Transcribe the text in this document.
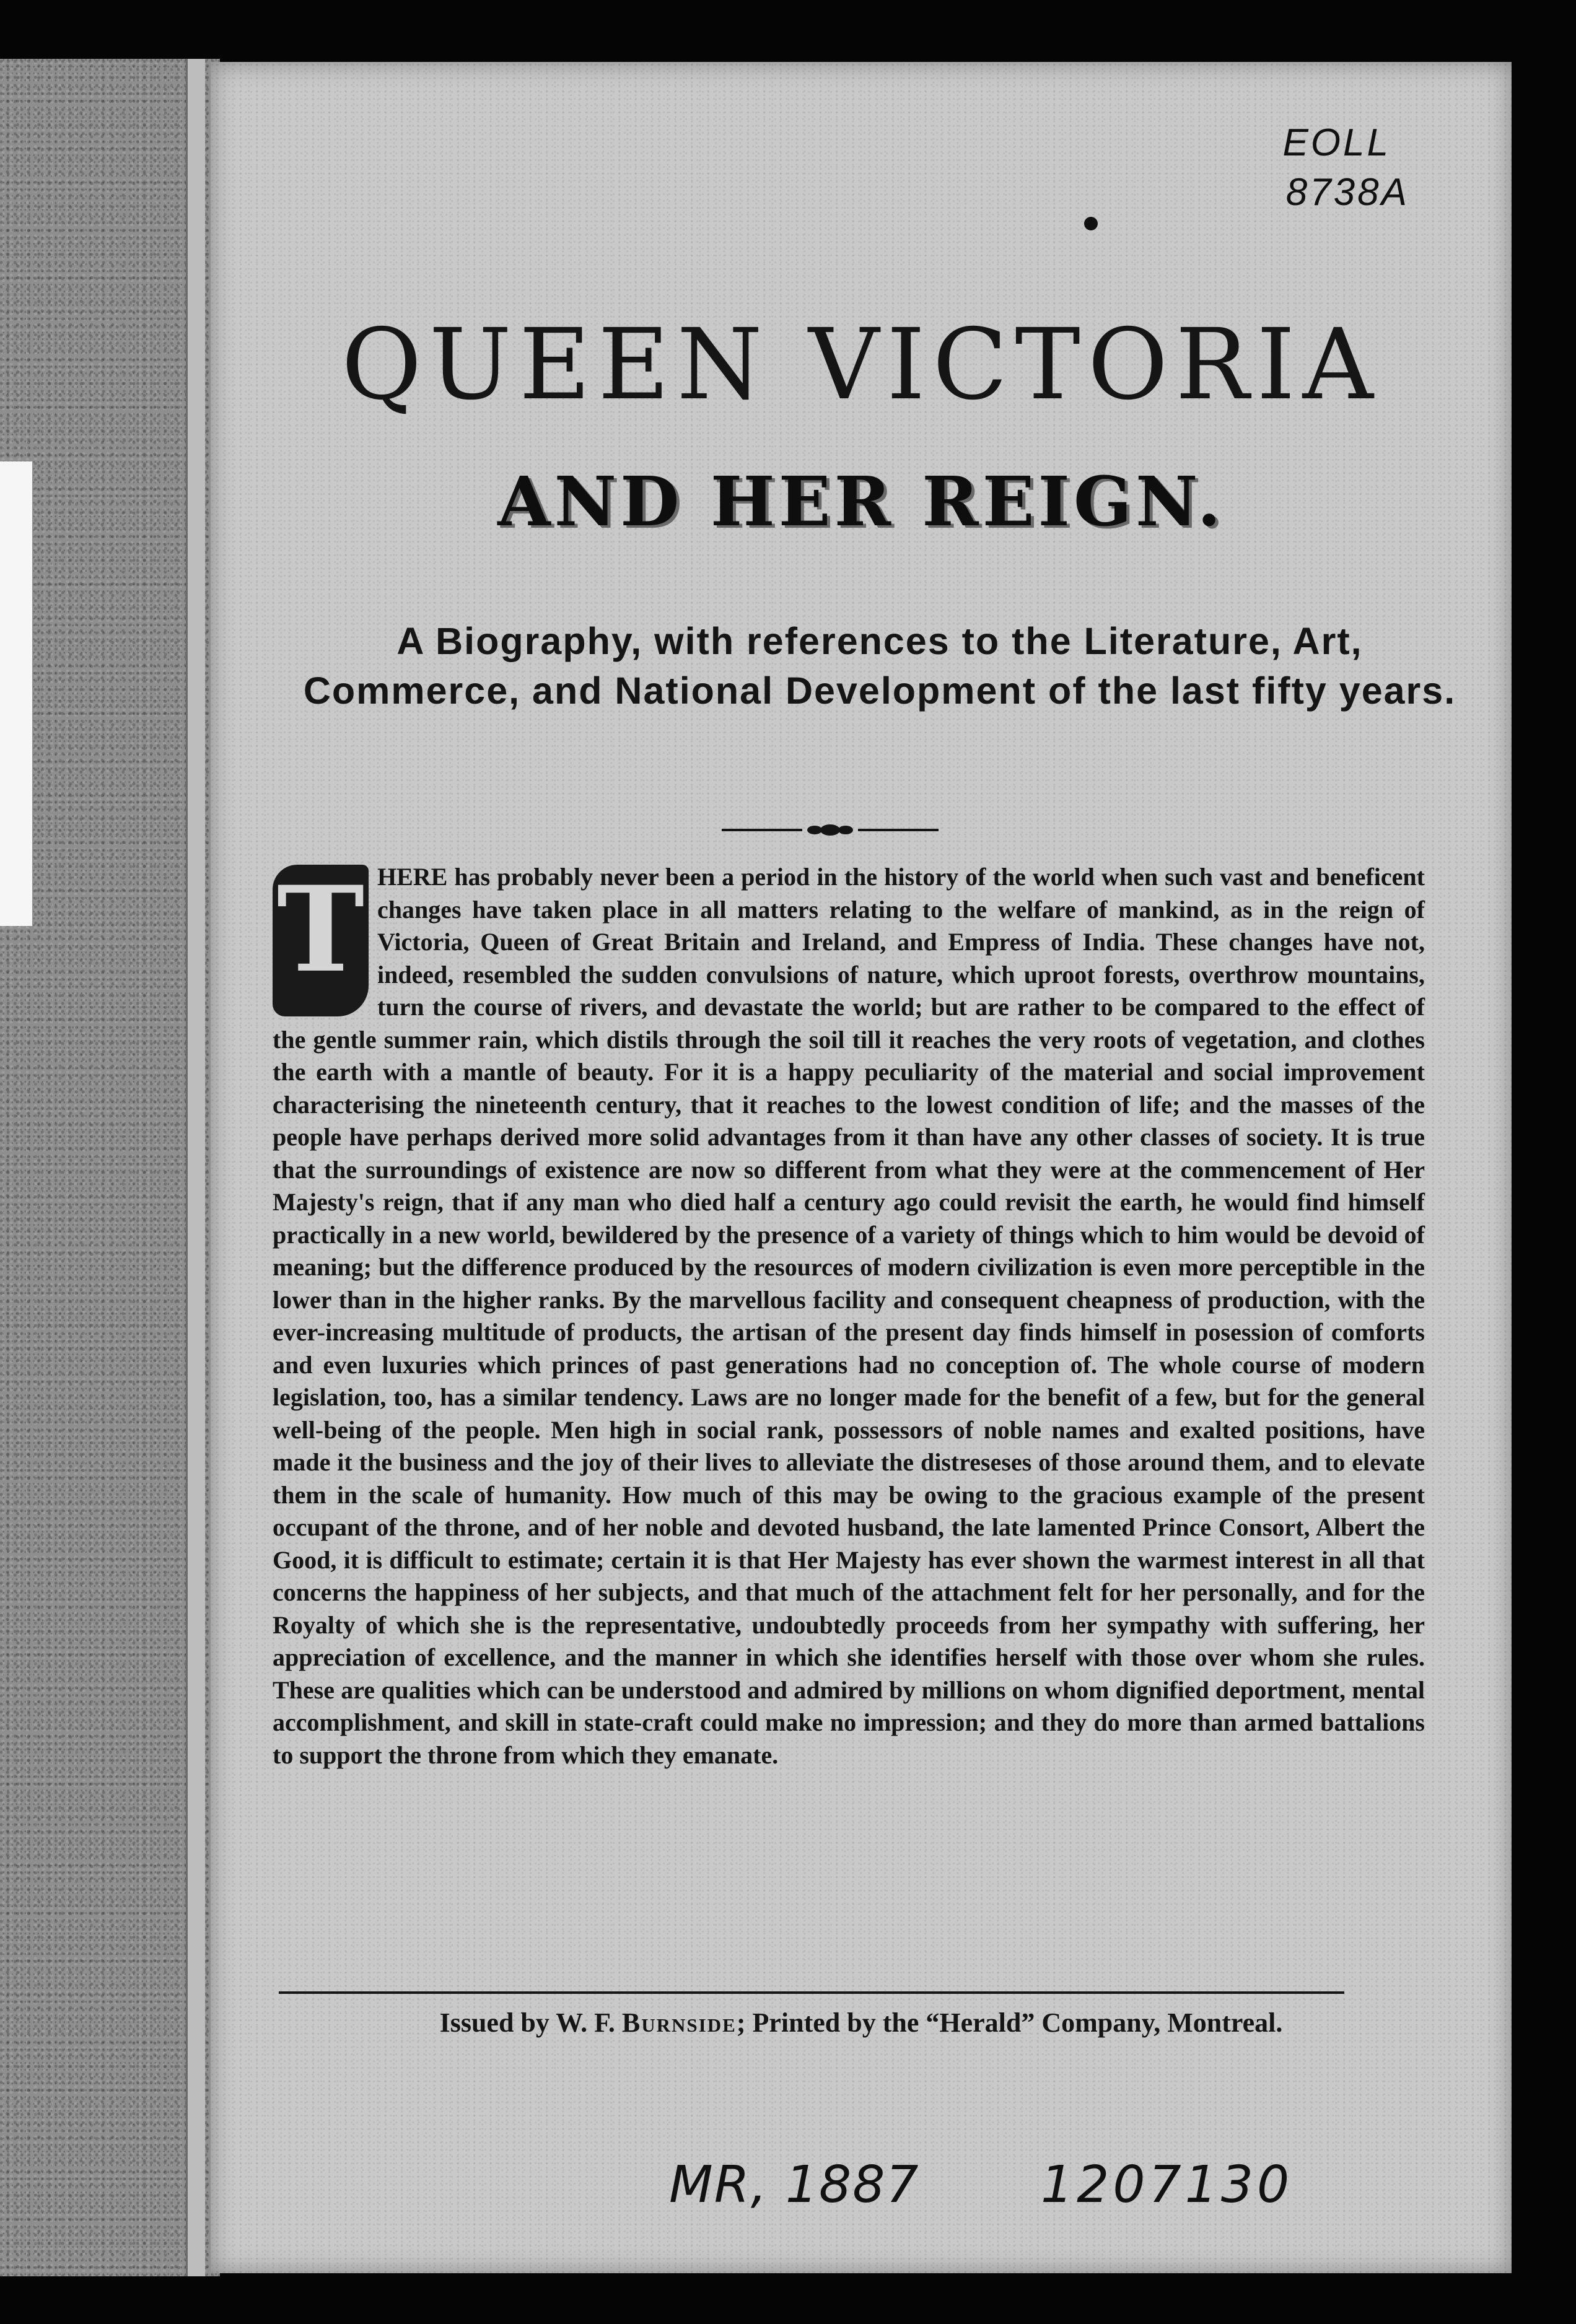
EOLL
8738A
QUEEN VICTORIA
AND HER REIGN.
A Biography, with references to the Literature, Art, Commerce, and National Development of the last fifty years.

T HERE has probably never been a period in the history of the world when such vast and beneficent changes have taken place in all matters relating to the welfare of mankind, as in the reign of Victoria, Queen of Great Britain and Ireland, and Empress of India. These changes have not, indeed, resembled the sudden convulsions of nature, which uproot forests, overthrow mountains, turn the course of rivers, and devastate the world; but are rather to be compared to the effect of the gentle summer rain, which distils through the soil till it reaches the very roots of vegetation, and clothes the earth with a mantle of beauty. For it is a happy peculiarity of the material and social improvement characterising the nineteenth century, that it reaches to the lowest condition of life; and the masses of the people have perhaps derived more solid advantages from it than have any other classes of society. It is true that the surroundings of existence are now so different from what they were at the commencement of Her Majesty's reign, that if any man who died half a century ago could revisit the earth, he would find himself practically in a new world, bewildered by the presence of a variety of things which to him would be devoid of meaning; but the difference produced by the resources of modern civilization is even more perceptible in the lower than in the higher ranks. By the marvellous facility and consequent cheapness of production, with the ever-increasing multitude of products, the artisan of the present day finds himself in posession of comforts and even luxuries which princes of past generations had no conception of. The whole course of modern legislation, too, has a similar tendency. Laws are no longer made for the benefit of a few, but for the general well-being of the people. Men high in social rank, possessors of noble names and exalted positions, have made it the business and the joy of their lives to alleviate the distreseses of those around them, and to elevate them in the scale of humanity. How much of this may be owing to the gracious example of the present occupant of the throne, and of her noble and devoted husband, the late lamented Prince Consort, Albert the Good, it is difficult to estimate; certain it is that Her Majesty has ever shown the warmest interest in all that concerns the happiness of her subjects, and that much of the attachment felt for her personally, and for the Royalty of which she is the representative, undoubtedly proceeds from her sympathy with suffering, her appreciation of excellence, and the manner in which she identifies herself with those over whom she rules. These are qualities which can be understood and admired by millions on whom dignified deportment, mental accomplishment, and skill in state-craft could make no impression; and they do more than armed battalions to support the throne from which they emanate.

Issued by W. F. Burnside; Printed by the “Herald” Company, Montreal.
MR, 1887 1207130
